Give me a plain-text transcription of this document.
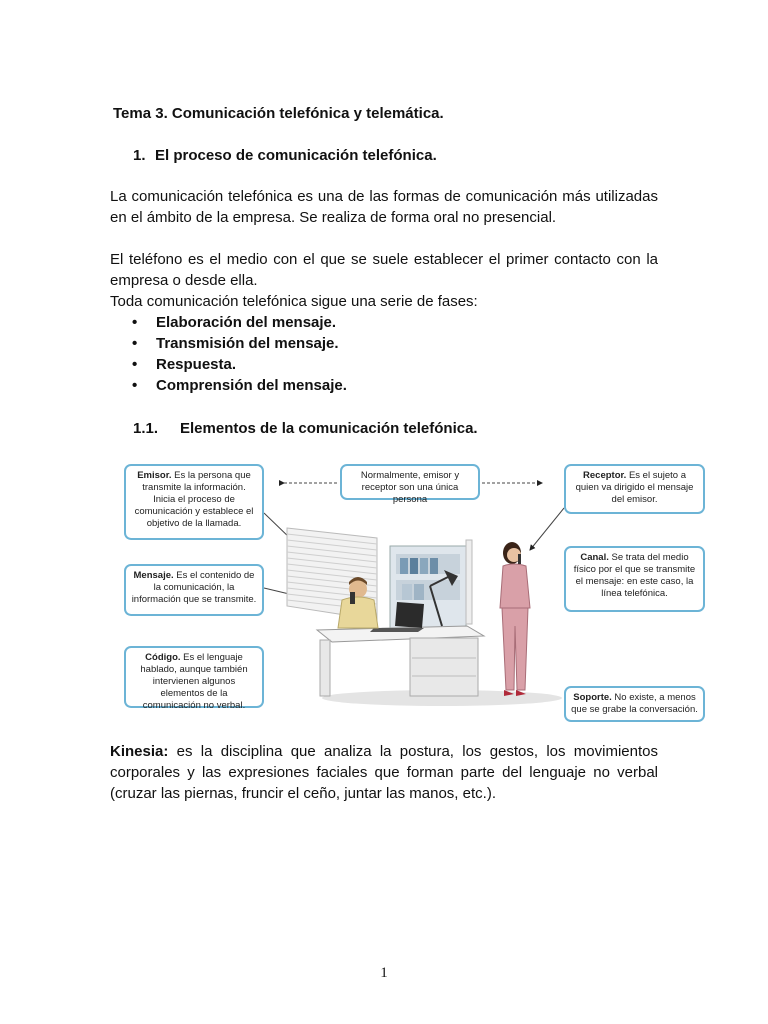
Tema 3. Comunicación telefónica y telemática.
1. El proceso de comunicación telefónica.
La comunicación telefónica es una de las formas de comunicación más utilizadas en el ámbito de la empresa. Se realiza de forma oral no presencial.
El teléfono es el medio con el que se suele establecer el primer contacto con la empresa o desde ella.
Toda comunicación telefónica sigue una serie de fases:
• Elaboración del mensaje.
• Transmisión del mensaje.
• Respuesta.
• Comprensión del mensaje.
1.1. Elementos de la comunicación telefónica.
Emisor. Es la persona que transmite la información. Inicia el proceso de comunicación y establece el objetivo de la llamada.
Normalmente, emisor y receptor son una única persona
Receptor. Es el sujeto a quien va dirigido el mensaje del emisor.
Mensaje. Es el contenido de la comunicación, la información que se transmite.
Canal. Se trata del medio físico por el que se transmite el mensaje: en este caso, la línea telefónica.
Código. Es el lenguaje hablado, aunque también intervienen algunos elementos de la comunicación no verbal.
Soporte. No existe, a menos que se grabe la conversación.
Kinesia: es la disciplina que analiza la postura, los gestos, los movimientos corporales y las expresiones faciales que forman parte del lenguaje no verbal (cruzar las piernas, fruncir el ceño, juntar las manos, etc.).
1
